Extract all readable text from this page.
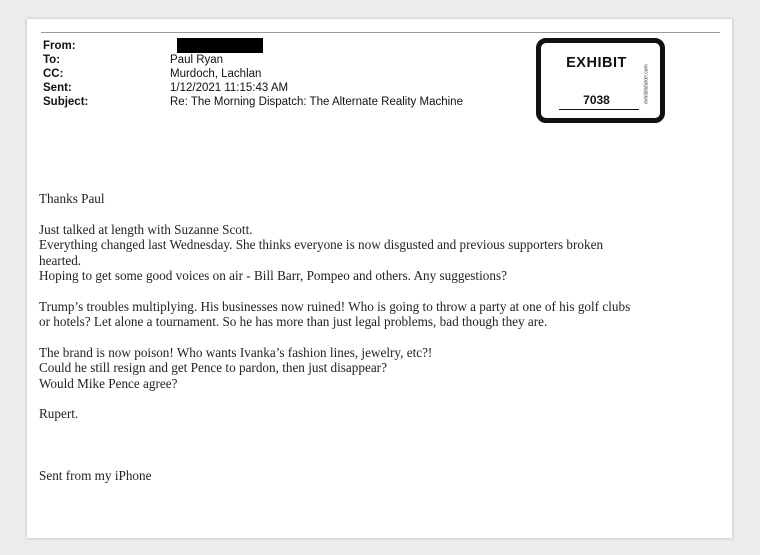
From:
To:	Paul Ryan
CC:	Murdoch, Lachlan
Sent:	1/12/2021 11:15:43 AM
Subject:	Re: The Morning Dispatch: The Alternate Reality Machine
EXHIBIT
7038	exhibitsticker.com

Thanks Paul

Just talked at length with Suzanne Scott.

Everything changed last Wednesday. She thinks everyone is now disgusted and previous supporters broken

hearted.

Hoping to get some good voices on air - Bill Barr, Pompeo and others. Any suggestions?

Trump’s troubles multiplying. His businesses now ruined! Who is going to throw a party at one of his golf clubs

or hotels? Let alone a tournament. So he has more than just legal problems, bad though they are.

The brand is now poison! Who wants Ivanka’s fashion lines, jewelry, etc?!

Could he still resign and get Pence to pardon, then just disappear?

Would Mike Pence agree?

Rupert.

Sent from my iPhone
